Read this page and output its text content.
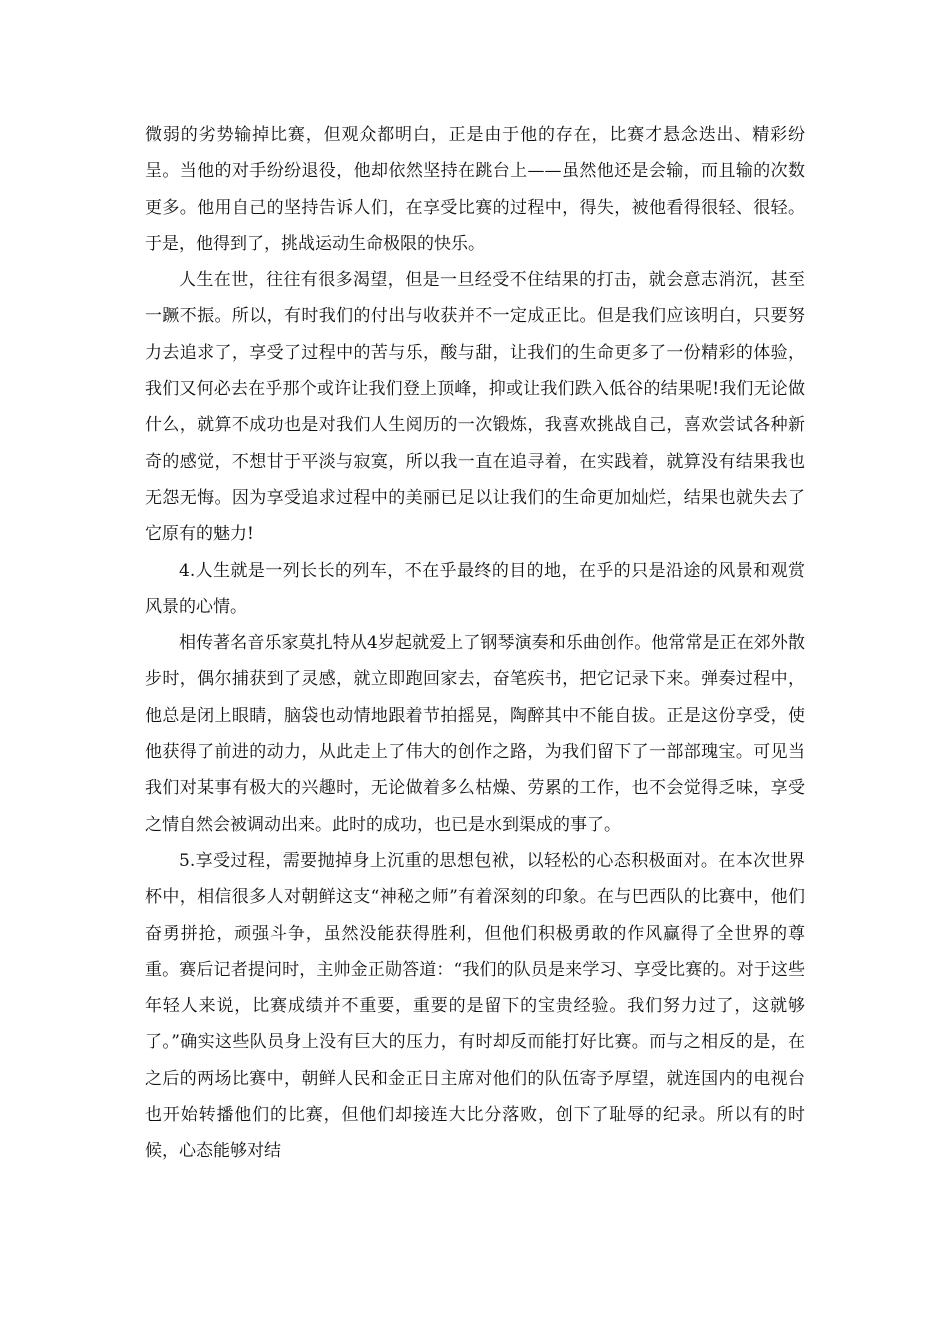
微弱的劣势输掉比赛，但观众都明白，正是由于他的存在，比赛才悬念迭出、精彩纷呈。当他的对手纷纷退役，他却依然坚持在跳台上——虽然他还是会输，而且输的次数更多。他用自己的坚持告诉人们，在享受比赛的过程中，得失，被他看得很轻、很轻。于是，他得到了，挑战运动生命极限的快乐。

人生在世，往往有很多渴望，但是一旦经受不住结果的打击，就会意志消沉，甚至一蹶不振。所以，有时我们的付出与收获并不一定成正比。但是我们应该明白，只要努力去追求了，享受了过程中的苦与乐，酸与甜，让我们的生命更多了一份精彩的体验，我们又何必去在乎那个或许让我们登上顶峰，抑或让我们跌入低谷的结果呢!我们无论做什么，就算不成功也是对我们人生阅历的一次锻炼，我喜欢挑战自己，喜欢尝试各种新奇的感觉，不想甘于平淡与寂寞，所以我一直在追寻着，在实践着，就算没有结果我也无怨无悔。因为享受追求过程中的美丽已足以让我们的生命更加灿烂，结果也就失去了它原有的魅力!

4.人生就是一列长长的列车，不在乎最终的目的地，在乎的只是沿途的风景和观赏风景的心情。

相传著名音乐家莫扎特从4岁起就爱上了钢琴演奏和乐曲创作。他常常是正在郊外散步时，偶尔捕获到了灵感，就立即跑回家去，奋笔疾书，把它记录下来。弹奏过程中，他总是闭上眼睛，脑袋也动情地跟着节拍摇晃，陶醉其中不能自拔。正是这份享受，使他获得了前进的动力，从此走上了伟大的创作之路，为我们留下了一部部瑰宝。可见当我们对某事有极大的兴趣时，无论做着多么枯燥、劳累的工作，也不会觉得乏味，享受之情自然会被调动出来。此时的成功，也已是水到渠成的事了。

5.享受过程，需要抛掉身上沉重的思想包袱，以轻松的心态积极面对。在本次世界杯中，相信很多人对朝鲜这支“神秘之师”有着深刻的印象。在与巴西队的比赛中，他们奋勇拼抢，顽强斗争，虽然没能获得胜利，但他们积极勇敢的作风赢得了全世界的尊重。赛后记者提问时，主帅金正勋答道：“我们的队员是来学习、享受比赛的。对于这些年轻人来说，比赛成绩并不重要，重要的是留下的宝贵经验。我们努力过了，这就够了。”确实这些队员身上没有巨大的压力，有时却反而能打好比赛。而与之相反的是，在之后的两场比赛中，朝鲜人民和金正日主席对他们的队伍寄予厚望，就连国内的电视台也开始转播他们的比赛，但他们却接连大比分落败，创下了耻辱的纪录。所以有的时候，心态能够对结
